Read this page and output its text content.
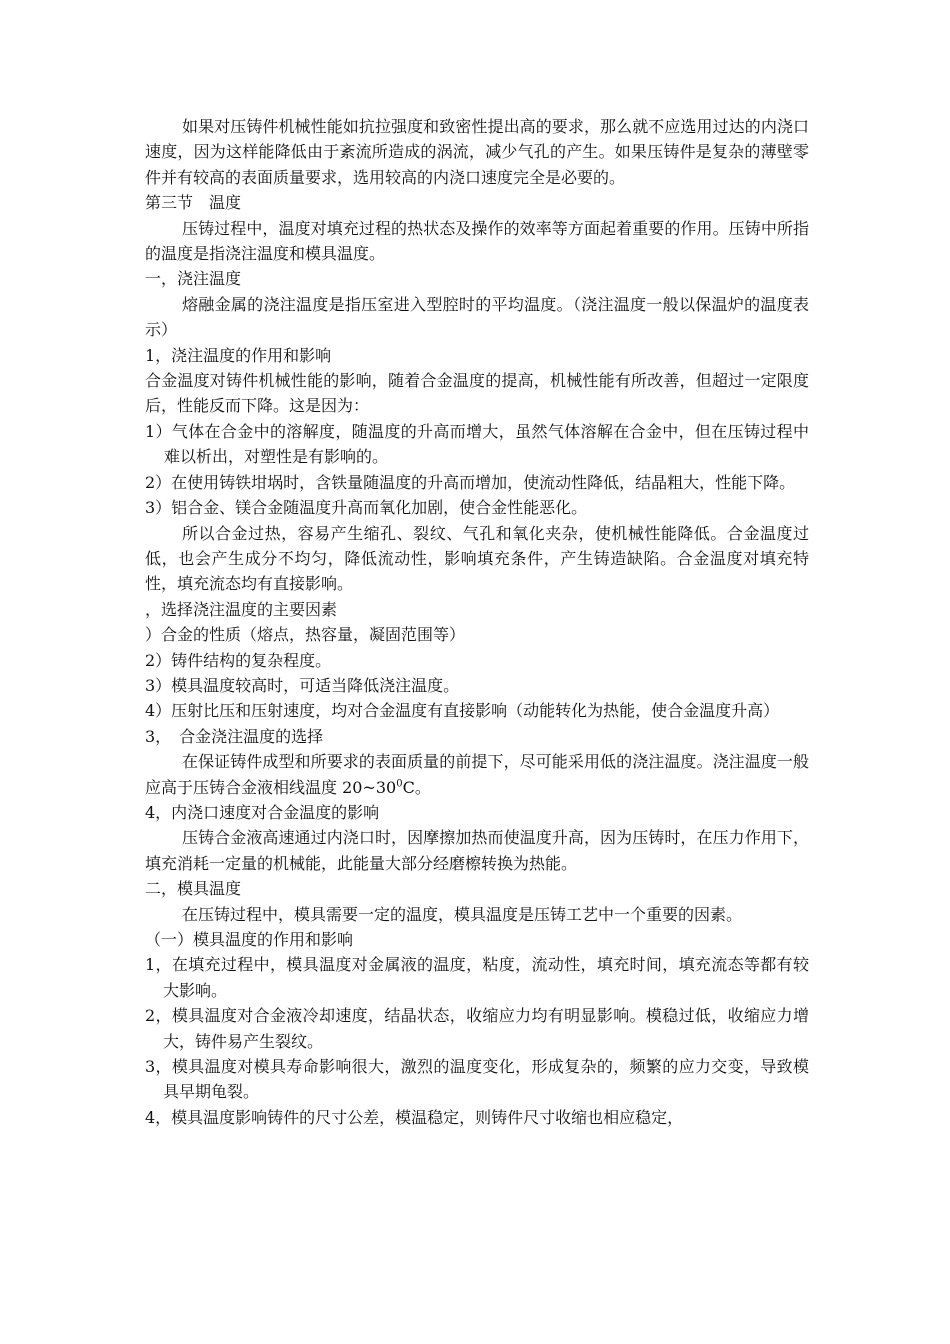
如果对压铸件机械性能如抗拉强度和致密性提出高的要求，那么就不应选用过达的内浇口速度，因为这样能降低由于紊流所造成的涡流，减少气孔的产生。如果压铸件是复杂的薄壁零件并有较高的表面质量要求，选用较高的内浇口速度完全是必要的。

第三节　温度

压铸过程中，温度对填充过程的热状态及操作的效率等方面起着重要的作用。压铸中所指的温度是指浇注温度和模具温度。

一，浇注温度

熔融金属的浇注温度是指压室进入型腔时的平均温度。（浇注温度一般以保温炉的温度表示）

1，浇注温度的作用和影响

合金温度对铸件机械性能的影响，随着合金温度的提高，机械性能有所改善，但超过一定限度后，性能反而下降。这是因为：

1）气体在合金中的溶解度，随温度的升高而增大，虽然气体溶解在合金中，但在压铸过程中难以析出，对塑性是有影响的。

2）在使用铸铁坩埚时，含铁量随温度的升高而增加，使流动性降低，结晶粗大，性能下降。

3）铝合金、镁合金随温度升高而氧化加剧，使合金性能恶化。

所以合金过热，容易产生缩孔、裂纹、气孔和氧化夹杂，使机械性能降低。合金温度过低，也会产生成分不均匀，降低流动性，影响填充条件，产生铸造缺陷。合金温度对填充特性，填充流态均有直接影响。

，选择浇注温度的主要因素

）合金的性质（熔点，热容量，凝固范围等）

2）铸件结构的复杂程度。

3）模具温度较高时，可适当降低浇注温度。

4）压射比压和压射速度，均对合金温度有直接影响（动能转化为热能，使合金温度升高）

3，　合金浇注温度的选择

在保证铸件成型和所要求的表面质量的前提下，尽可能采用低的浇注温度。浇注温度一般应高于压铸合金液相线温度 $20\sim 30^0C$。

4，内浇口速度对合金温度的影响

压铸合金液高速通过内浇口时，因摩擦加热而使温度升高，因为压铸时，在压力作用下，填充消耗一定量的机械能，此能量大部分经磨檫转换为热能。

二，模具温度

在压铸过程中，模具需要一定的温度，模具温度是压铸工艺中一个重要的因素。

（一）模具温度的作用和影响

1，在填充过程中，模具温度对金属液的温度，粘度，流动性，填充时间，填充流态等都有较大影响。

2，模具温度对合金液冷却速度，结晶状态，收缩应力均有明显影响。模稳过低，收缩应力增大，铸件易产生裂纹。

3，模具温度对模具寿命影响很大，激烈的温度变化，形成复杂的，频繁的应力交变，导致模具早期龟裂。

4，模具温度影响铸件的尺寸公差，模温稳定，则铸件尺寸收缩也相应稳定，
